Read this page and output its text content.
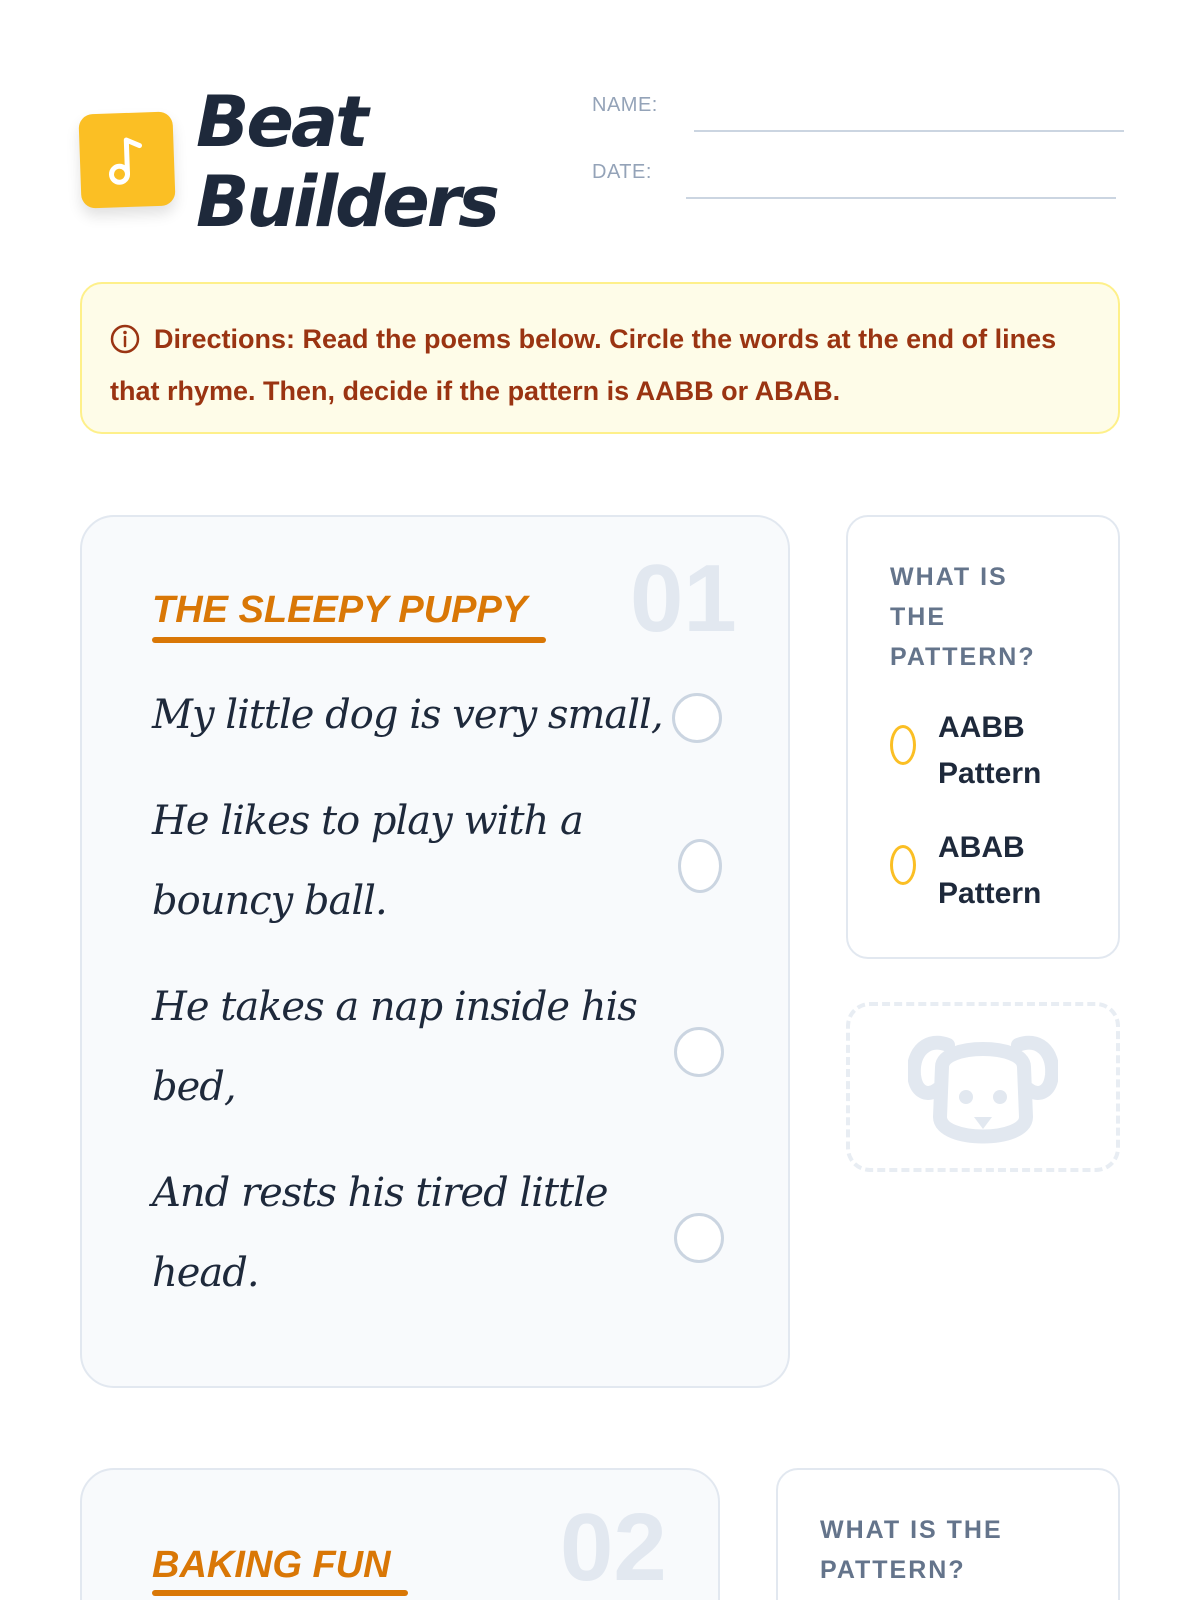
Beat
Builders
NAME:
DATE:
Directions: Read the poems below. Circle the words at the end of lines that rhyme. Then, decide if the pattern is AABB or ABAB.
01
THE SLEEPY PUPPY
My little dog is very small,
He likes to play with a
bouncy ball.
He takes a nap inside his
bed,
And rests his tired little
head.
WHAT IS
THE
PATTERN?
AABB
Pattern
ABAB
Pattern
02
BAKING FUN
WHAT IS THE
PATTERN?
